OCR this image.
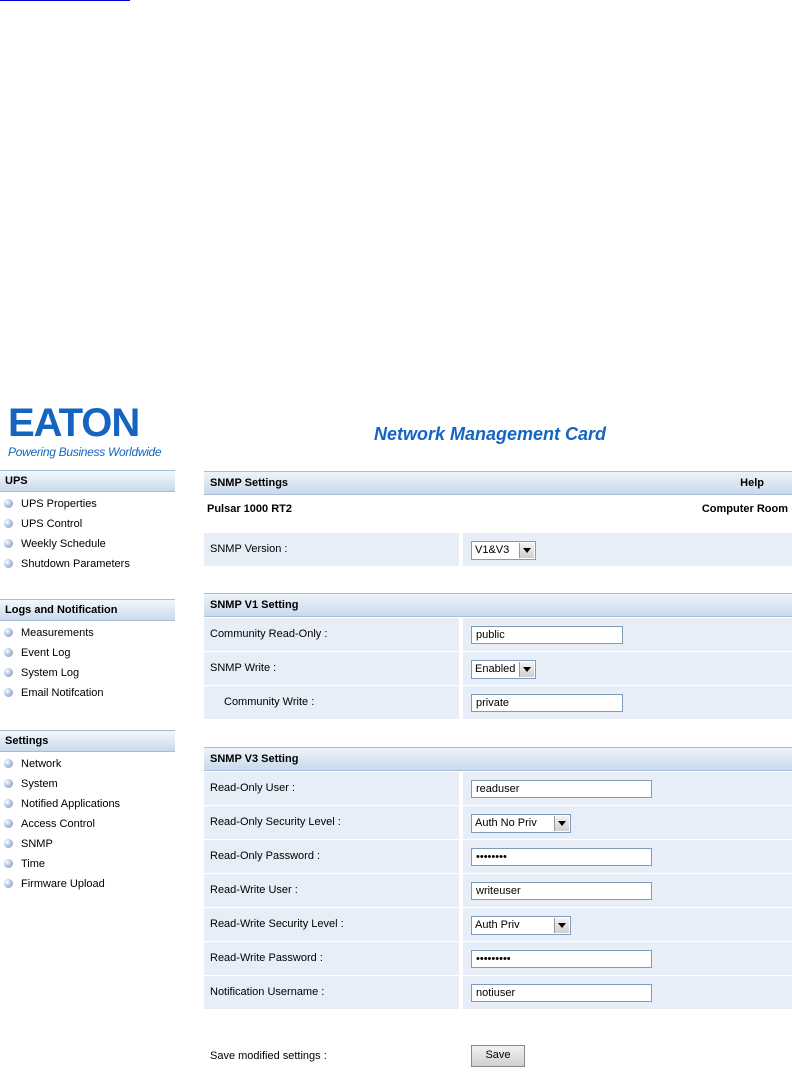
EATON
Powering Business Worldwide
Network Management Card
UPS
UPS Properties
UPS Control
Weekly Schedule
Shutdown Parameters
Logs and Notification
Measurements
Event Log
System Log
Email Notifcation
Settings
Network
System
Notified Applications
Access Control
SNMP
Time
Firmware Upload
SNMP Settings	Help
Pulsar 1000 RT2	Computer Room
SNMP Version :	V1&V3
SNMP V1 Setting
Community Read-Only :	public
SNMP Write :	Enabled
Community Write :	private
SNMP V3 Setting
Read-Only User :	readuser
Read-Only Security Level :	Auth No Priv
Read-Only Password :	••••••••
Read-Write User :	writeuser
Read-Write Security Level :	Auth Priv
Read-Write Password :	•••••••••
Notification Username :	notiuser
Save modified settings :	Save
